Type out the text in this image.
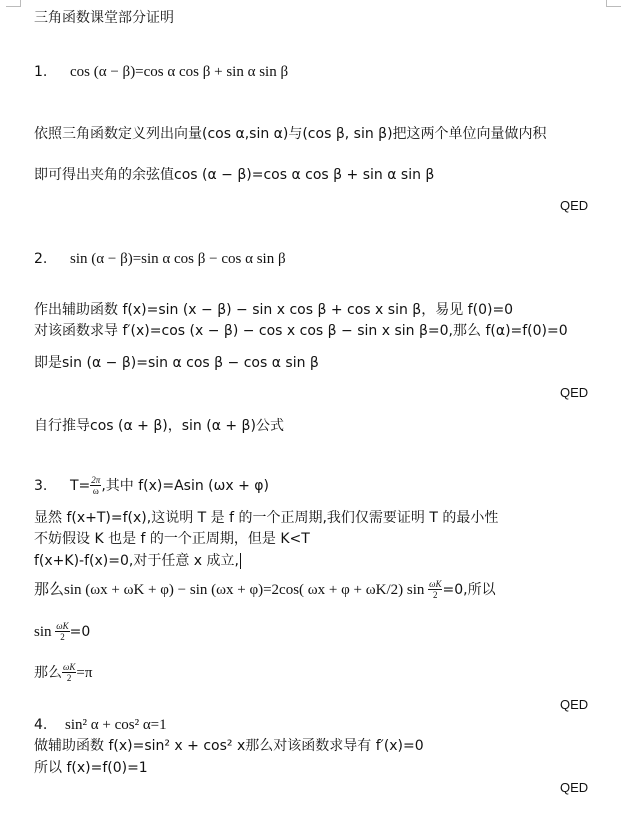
三角函数课堂部分证明
1. cos (α − β)=cos α cos β + sin α sin β
依照三角函数定义列出向量(cos α,sin α)与(cos β, sin β)把这两个单位向量做内积
即可得出夹角的余弦值cos (α − β)=cos α cos β + sin α sin β
QED
2. sin (α − β)=sin α cos β − cos α sin β
作出辅助函数 f(x)=sin (x − β) − sin x cos β + cos x sin β，易见 f(0)=0
对该函数求导 f′(x)=cos (x − β) − cos x cos β − sin x sin β=0,那么 f(α)=f(0)=0
即是sin (α − β)=sin α cos β − cos α sin β
QED
自行推导cos (α + β)，sin (α + β)公式
3. $T= \frac{2\pi}{\omega}$ ,其中 f(x)=Asin (ωx + φ)
显然 f(x+T)=f(x),这说明 T 是 f 的一个正周期,我们仅需要证明 T 的最小性
不妨假设 K 也是 f 的一个正周期，但是 K<T
f(x+K)-f(x)=0,对于任意 x 成立,
那么sin (ωx + ωK + φ) − sin (ωx + φ)=2cos( ωx + φ + ωK/2) $\sin \frac{\omega K}{2} =0$,所以
$\sin \frac{\omega K}{2} =0$
那么 $\frac{\omega K}{2} =\pi$
QED
4. sin² α + cos² α=1
做辅助函数 f(x)=sin² x + cos² x那么对该函数求导有 f′(x)=0
所以 f(x)=f(0)=1
QED
